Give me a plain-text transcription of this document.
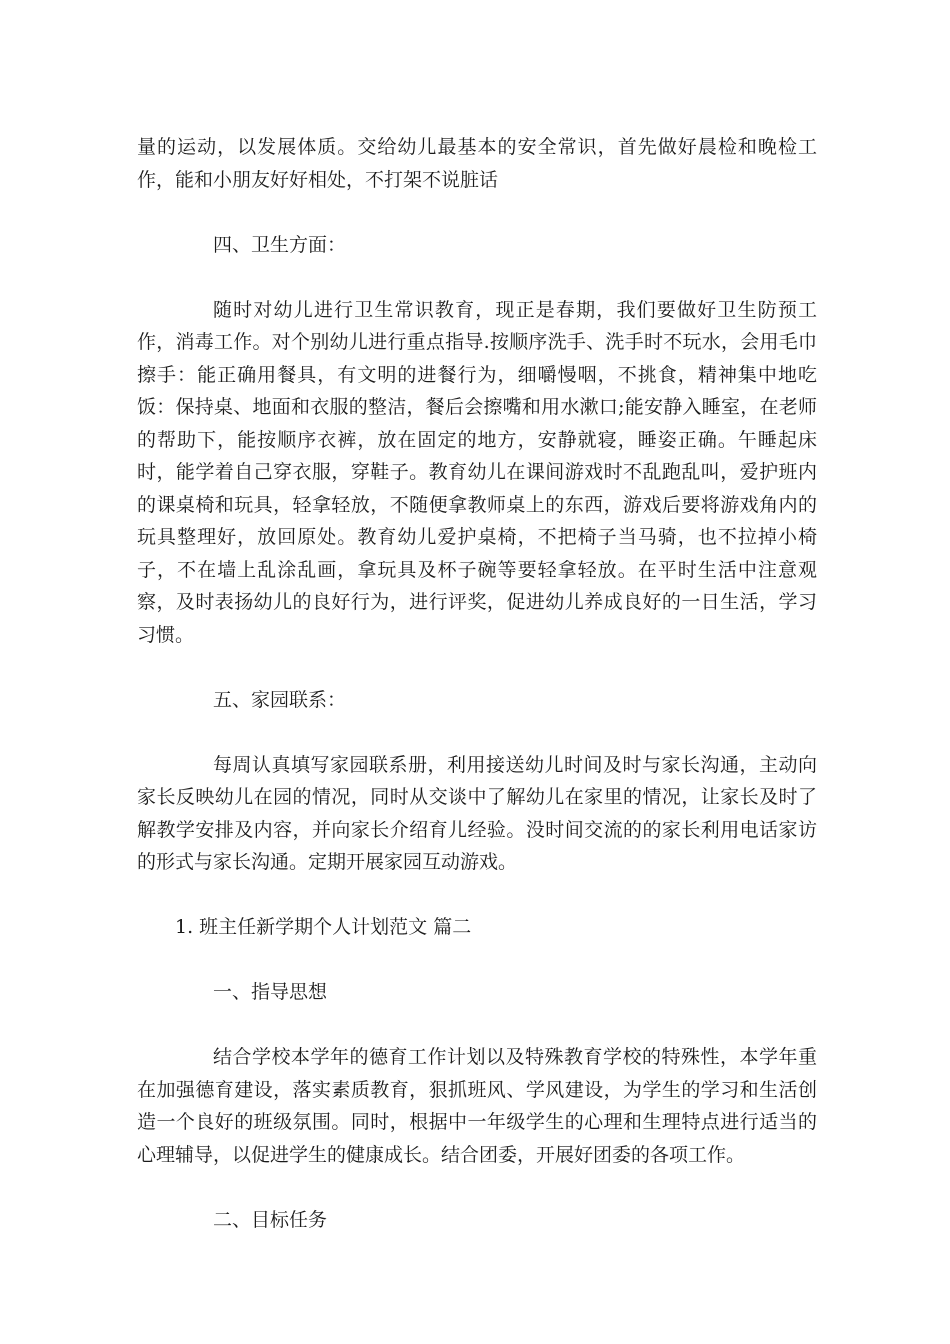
量的运动，以发展体质。交给幼儿最基本的安全常识，首先做好晨检和晚检工作，能和小朋友好好相处，不打架不说脏话

四、卫生方面：

随时对幼儿进行卫生常识教育，现正是春期，我们要做好卫生防预工作，消毒工作。对个别幼儿进行重点指导.按顺序洗手、洗手时不玩水，会用毛巾擦手：能正确用餐具，有文明的进餐行为，细嚼慢咽，不挑食，精神集中地吃饭：保持桌、地面和衣服的整洁，餐后会擦嘴和用水漱口;能安静入睡室，在老师的帮助下，能按顺序衣裤，放在固定的地方，安静就寝，睡姿正确。午睡起床时，能学着自己穿衣服，穿鞋子。教育幼儿在课间游戏时不乱跑乱叫，爱护班内的课桌椅和玩具，轻拿轻放，不随便拿教师桌上的东西，游戏后要将游戏角内的玩具整理好，放回原处。教育幼儿爱护桌椅，不把椅子当马骑，也不拉掉小椅子，不在墙上乱涂乱画，拿玩具及杯子碗等要轻拿轻放。在平时生活中注意观察，及时表扬幼儿的良好行为，进行评奖，促进幼儿养成良好的一日生活，学习习惯。

五、家园联系：

每周认真填写家园联系册，利用接送幼儿时间及时与家长沟通，主动向家长反映幼儿在园的情况，同时从交谈中了解幼儿在家里的情况，让家长及时了解教学安排及内容，并向家长介绍育儿经验。没时间交流的的家长利用电话家访的形式与家长沟通。定期开展家园互动游戏。

1. 班主任新学期个人计划范文 篇二

一、指导思想

结合学校本学年的德育工作计划以及特殊教育学校的特殊性，本学年重在加强德育建设，落实素质教育，狠抓班风、学风建设，为学生的学习和生活创造一个良好的班级氛围。同时，根据中一年级学生的心理和生理特点进行适当的心理辅导，以促进学生的健康成长。结合团委，开展好团委的各项工作。

二、目标任务
